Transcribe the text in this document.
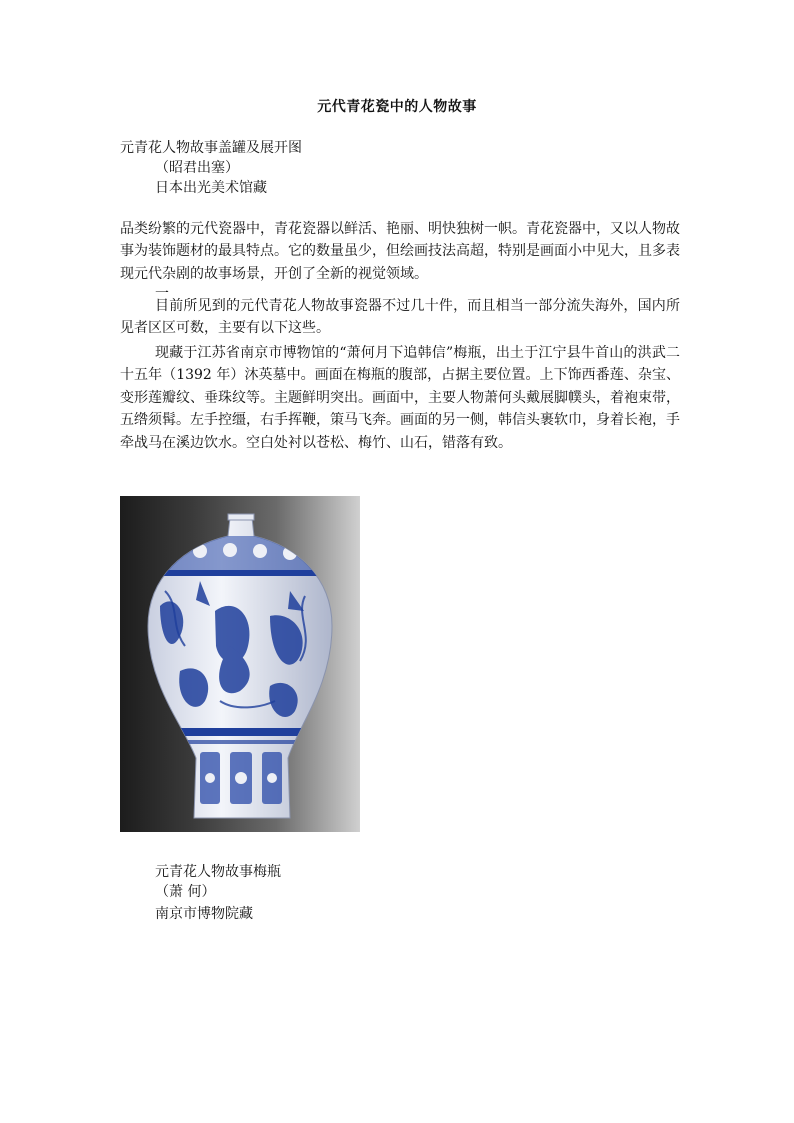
元代青花瓷中的人物故事
元青花人物故事盖罐及展开图
（昭君出塞）
日本出光美术馆藏
品类纷繁的元代瓷器中，青花瓷器以鲜活、艳丽、明快独树一帜。青花瓷器中，又以人物故事为装饰题材的最具特点。它的数量虽少，但绘画技法高超，特别是画面小中见大，且多表现元代杂剧的故事场景，开创了全新的视觉领域。
一
目前所见到的元代青花人物故事瓷器不过几十件，而且相当一部分流失海外，国内所见者区区可数，主要有以下这些。
现藏于江苏省南京市博物馆的“萧何月下追韩信”梅瓶，出土于江宁县牛首山的洪武二十五年（1392 年）沐英墓中。画面在梅瓶的腹部，占据主要位置。上下饰西番莲、杂宝、变形莲瓣纹、垂珠纹等。主题鲜明突出。画面中，主要人物萧何头戴展脚幞头，着袍束带，五绺须髯。左手控缰，右手挥鞭，策马飞奔。画面的另一侧，韩信头裹软巾，身着长袍，手牵战马在溪边饮水。空白处衬以苍松、梅竹、山石，错落有致。
元青花人物故事梅瓶
（萧 何）
南京市博物院藏
